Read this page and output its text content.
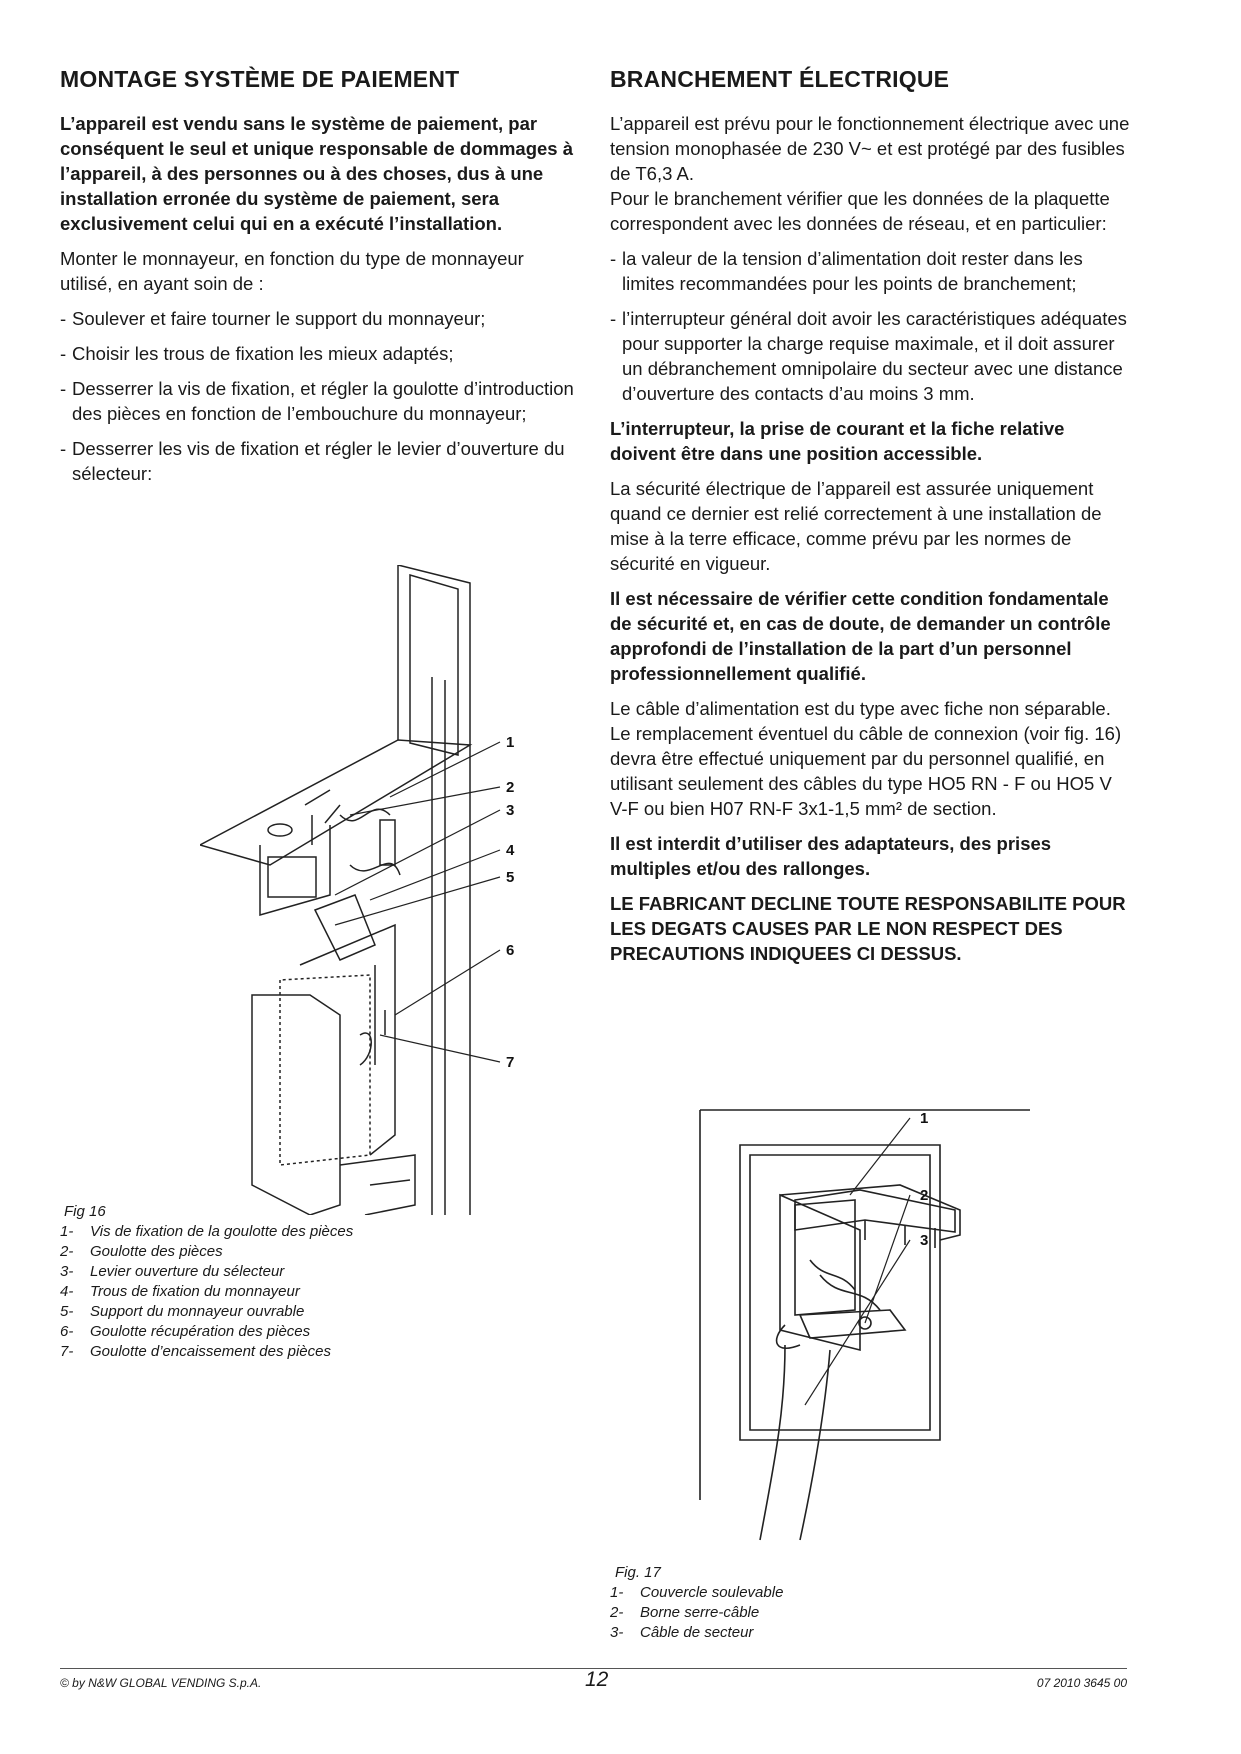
MONTAGE SYSTÈME DE PAIEMENT

L’appareil est vendu sans le système de paiement, par conséquent le seul et unique responsable de dommages à l’appareil, à des personnes ou à des choses, dus à une installation erronée du système de paiement, sera exclusivement celui qui en a exécuté l’installation.

Monter le monnayeur, en fonction du type de monnayeur utilisé, en ayant soin de :

- Soulever et faire tourner le support du monnayeur;
- Choisir les trous de fixation les mieux adaptés;
- Desserrer la vis de fixation, et régler la goulotte d’introduction des pièces en fonction de l’embouchure du monnayeur;
- Desserrer les vis de fixation et régler le levier d’ouverture du sélecteur:
1
2
3
4
5
6
7
Fig 16
1- Vis de fixation de la goulotte des pièces
2- Goulotte des pièces
3- Levier ouverture du sélecteur
4- Trous de fixation du monnayeur
5- Support du monnayeur ouvrable
6- Goulotte récupération des pièces
7- Goulotte d’encaissement des pièces
BRANCHEMENT ÉLECTRIQUE

L’appareil est prévu pour le fonctionnement électrique avec une tension monophasée de 230 V~ et est protégé par des fusibles de T6,3 A.

Pour le branchement vérifier que les données de la plaquette correspondent avec les données de réseau, et en particulier:

- la valeur de la tension d’alimentation doit rester dans les limites recommandées pour les points de branchement;
- l’interrupteur général doit avoir les caractéristiques adéquates pour supporter la charge requise maximale, et il doit assurer un débranchement omnipolaire du secteur avec une distance d’ouverture des contacts d’au moins 3 mm.

L’interrupteur, la prise de courant et la fiche relative doivent être dans une position accessible.

La sécurité électrique de l’appareil est assurée uniquement quand ce dernier est relié correctement à une installation de mise à la terre efficace, comme prévu par les normes de sécurité en vigueur.

Il est nécessaire de vérifier cette condition fondamentale de sécurité et, en cas de doute, de demander un contrôle approfondi de l’installation de la part d’un personnel professionnellement qualifié.

Le câble d’alimentation est du type avec fiche non séparable. Le remplacement éventuel du câble de connexion (voir fig. 16) devra être effectué uniquement par du personnel qualifié, en utilisant seulement des câbles du type HO5 RN - F ou HO5 V V-F ou bien H07 RN-F 3x1-1,5 mm² de section.

Il est interdit d’utiliser des adaptateurs, des prises multiples et/ou des rallonges.

LE FABRICANT DECLINE TOUTE RESPONSABILITE POUR LES DEGATS CAUSES PAR LE NON RESPECT DES PRECAUTIONS INDIQUEES CI DESSUS.

1
2
3
Fig. 17
1- Couvercle soulevable
2- Borne serre-câble
3- Câble de secteur
© by N&W GLOBAL VENDING S.p.A.	12	07 2010 3645 00
